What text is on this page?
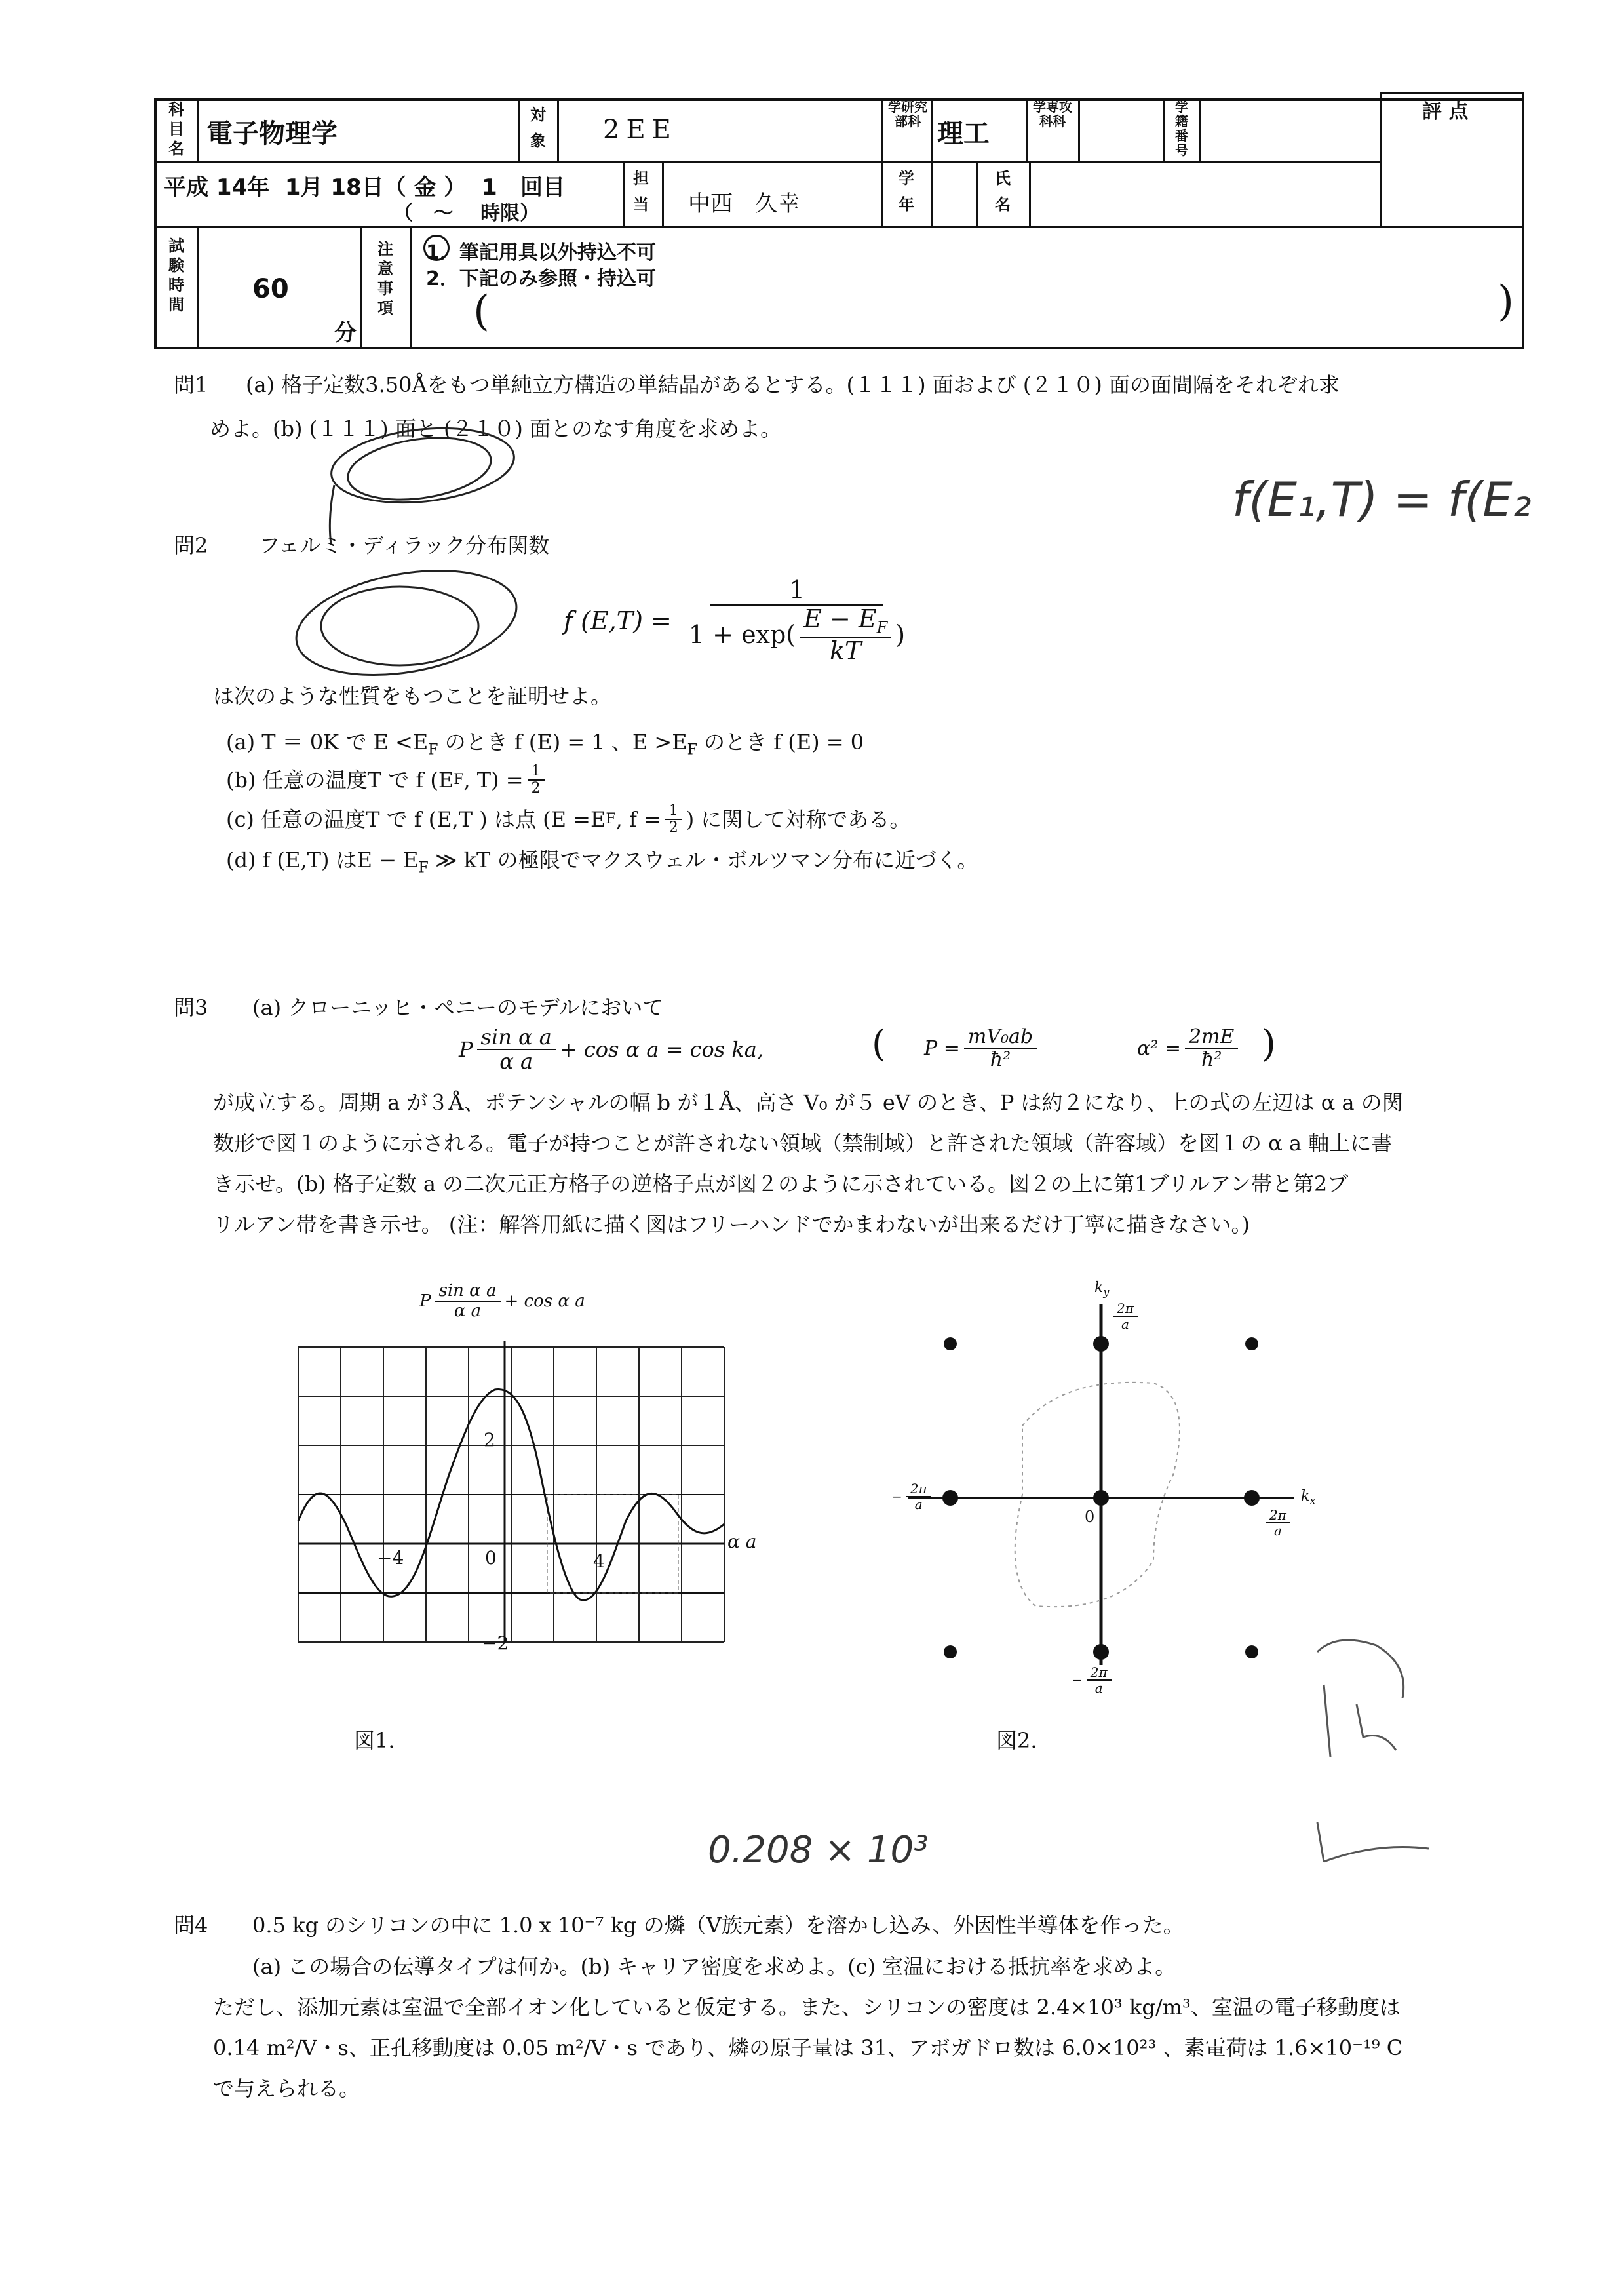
科目名 電子物理学
対象 2EE
学研究部科 理工
学専攻科科
学籍番号
評 点
平成 14年  1月 18日（ 金 ）  1   回目
（   ～    時限）
担当 中西　久幸
学年
氏名
試験時間
60
分
注意事項
1．筆記用具以外持込不可
2．下記のみ参照・持込可
(	)
問1 (a) 格子定数3.50Åをもつ単純立方構造の単結晶があるとする。(１１１) 面および (２１０) 面の面間隔をそれぞれ求
めよ。(b) (１１１) 面と (２１０) 面とのなす角度を求めよ。
問2 フェルミ・ディラック分布関数
f (E,T) =
1
$1 + \exp( \frac{E - E_F}{kT}$ )
f(E₁,T) = f(E₂
は次のような性質をもつことを証明せよ。
(a) T ＝ 0K で $E <E_F$ のとき f (E) = 1 、$E >E_F$ のとき f (E) = 0
(b) 任意の温度T で f (E F , $T) = \frac{1}{2}$
(c) 任意の温度T で f (E,T ) は点 (E =E F , $f = \frac{1}{2}$ ) に関して対称である。
(d) f (E,T) は$E - E_F$ ≫ kT の極限でマクスウェル・ボルツマン分布に近づく。
問3 (a) クローニッヒ・ペニーのモデルにおいて
P $\frac{\text{sin α a}}{\text{α a}} + \cos \alpha$ a = cos ka,	( $P = \frac{\text{mV₀ab}}{\text{ħ²}}$	$\alpha^2 = \frac{2mE}{\text{ħ²}}$ )
が成立する。周期 a が３Å、ポテンシャルの幅 b が１Å、高さ V₀ が５ eV のとき、P は約２になり、上の式の左辺は α a の関
数形で図１のように示される。電子が持つことが許されない領域（禁制域）と許された領域（許容域）を図１の α a 軸上に書
き示せ。(b) 格子定数 a の二次元正方格子の逆格子点が図２のように示されている。図２の上に第1ブリルアン帯と第2ブ
リルアン帯を書き示せ。 (注：解答用紙に描く図はフリーハンドでかまわないが出来るだけ丁寧に描きなさい。)
P $\frac{\text{sin α a}}{\text{α a}} + \cos \alpha$ a
2
−2
−4	0	4
α a
図1.
$k_y$
$k_x$
$\frac{2\pi}{a}$
− $\frac{2\pi}{a}$
− $\frac{2\pi}{a}$
$\frac{2\pi}{a}$
0
図2.
0.208 × 10³
問4 0.5 kg のシリコンの中に 1.0 x 10⁻⁷ kg の燐（V族元素）を溶かし込み、外因性半導体を作った。
(a) この場合の伝導タイプは何か。(b) キャリア密度を求めよ。(c) 室温における抵抗率を求めよ。
ただし、添加元素は室温で全部イオン化していると仮定する。また、シリコンの密度は 2.4×10³ kg/m³、室温の電子移動度は
0.14 m²/V・s、正孔移動度は 0.05 m²/V・s であり、燐の原子量は 31、アボガドロ数は 6.0×10²³ 、素電荷は 1.6×10⁻¹⁹ C
で与えられる。
